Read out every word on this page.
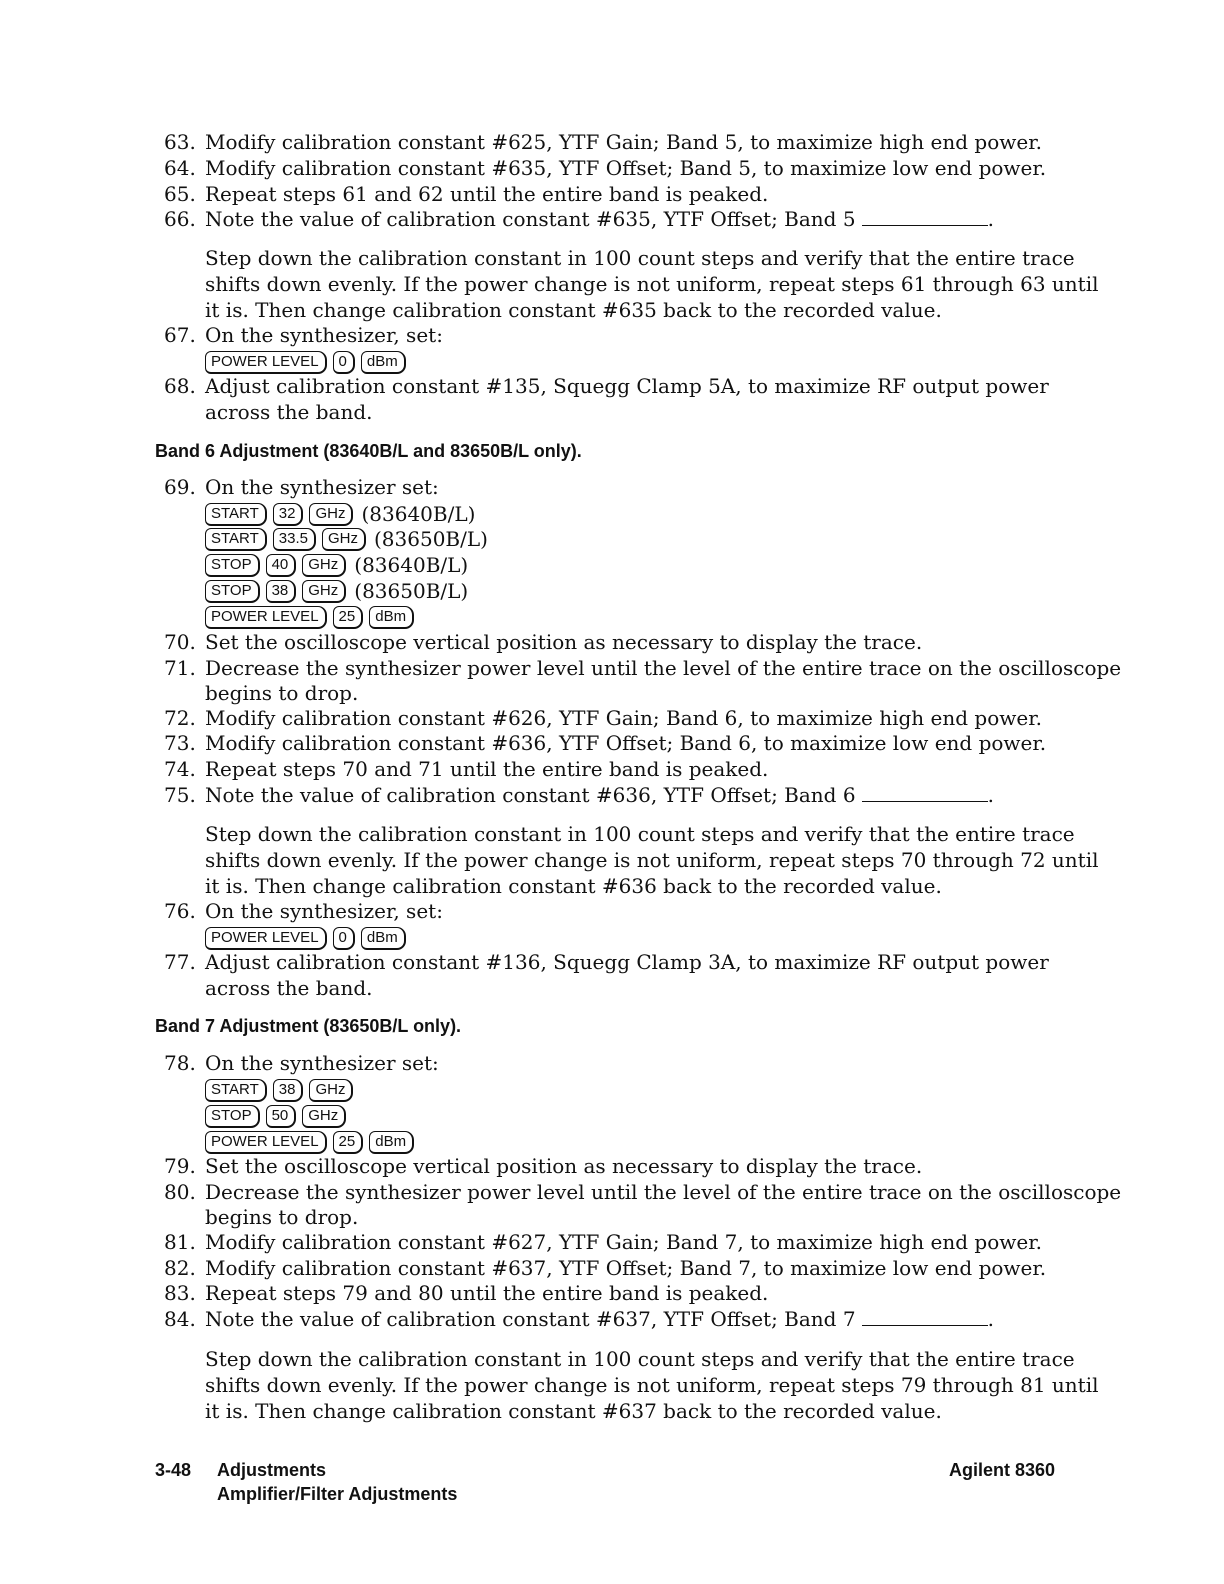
63. Modify calibration constant #625, YTF Gain; Band 5, to maximize high end power.
64. Modify calibration constant #635, YTF Offset; Band 5, to maximize low end power.
65. Repeat steps 61 and 62 until the entire band is peaked.
66. Note the value of calibration constant #635, YTF Offset; Band 5	.
Step down the calibration constant in 100 count steps and verify that the entire trace
shifts down evenly. If the power change is not uniform, repeat steps 61 through 63 until
it is. Then change calibration constant #635 back to the recorded value.
67. On the synthesizer, set:
POWER LEVEL	0	dBm
68. Adjust calibration constant #135, Squegg Clamp 5A, to maximize RF output power
across the band.
Band 6 Adjustment (83640B/L and 83650B/L only).
69. On the synthesizer set:
START	32	GHz (83640B/L)
START	33.5	GHz (83650B/L)
STOP	40	GHz (83640B/L)
STOP	38	GHz (83650B/L)
POWER LEVEL	25	dBm
70. Set the oscilloscope vertical position as necessary to display the trace.
71. Decrease the synthesizer power level until the level of the entire trace on the oscilloscope
begins to drop.
72. Modify calibration constant #626, YTF Gain; Band 6, to maximize high end power.
73. Modify calibration constant #636, YTF Offset; Band 6, to maximize low end power.
74. Repeat steps 70 and 71 until the entire band is peaked.
75. Note the value of calibration constant #636, YTF Offset; Band 6	.
Step down the calibration constant in 100 count steps and verify that the entire trace
shifts down evenly. If the power change is not uniform, repeat steps 70 through 72 until
it is. Then change calibration constant #636 back to the recorded value.
76. On the synthesizer, set:
POWER LEVEL	0	dBm
77. Adjust calibration constant #136, Squegg Clamp 3A, to maximize RF output power
across the band.
Band 7 Adjustment (83650B/L only).
78. On the synthesizer set:
START	38	GHz
STOP	50	GHz
POWER LEVEL	25	dBm
79. Set the oscilloscope vertical position as necessary to display the trace.
80. Decrease the synthesizer power level until the level of the entire trace on the oscilloscope
begins to drop.
81. Modify calibration constant #627, YTF Gain; Band 7, to maximize high end power.
82. Modify calibration constant #637, YTF Offset; Band 7, to maximize low end power.
83. Repeat steps 79 and 80 until the entire band is peaked.
84. Note the value of calibration constant #637, YTF Offset; Band 7	.
Step down the calibration constant in 100 count steps and verify that the entire trace
shifts down evenly. If the power change is not uniform, repeat steps 79 through 81 until
it is. Then change calibration constant #637 back to the recorded value.
3-48 Adjustments
Amplifier/Filter Adjustments
Agilent 8360
